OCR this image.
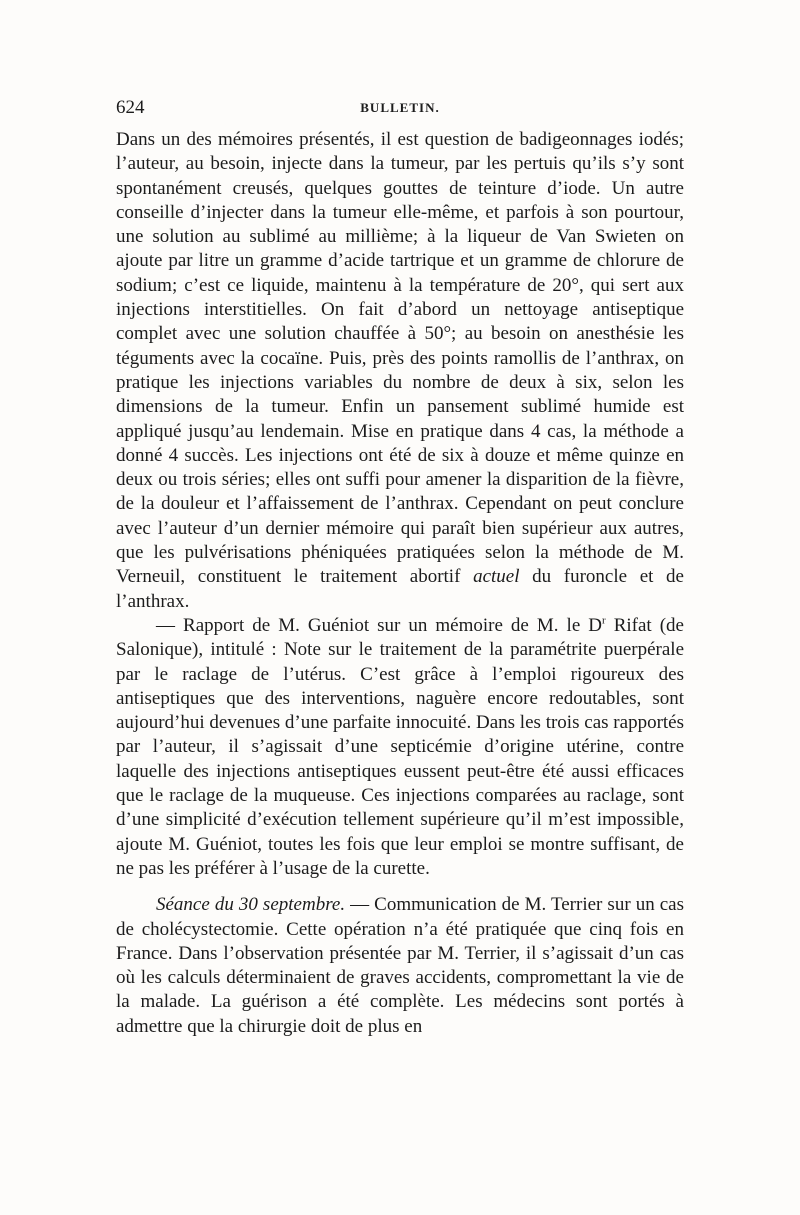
624	BULLETIN.

Dans un des mémoires présentés, il est question de badigeonnages iodés; l’auteur, au besoin, injecte dans la tumeur, par les pertuis qu’ils s’y sont spontanément creusés, quelques gouttes de teinture d’iode. Un autre conseille d’injecter dans la tumeur elle-même, et parfois à son pourtour, une solution au sublimé au millième; à la liqueur de Van Swieten on ajoute par litre un gramme d’acide tartrique et un gramme de chlorure de sodium; c’est ce liquide, maintenu à la température de 20°, qui sert aux injections interstitielles. On fait d’abord un nettoyage antiseptique complet avec une solution chauffée à 50°; au besoin on anesthésie les téguments avec la cocaïne. Puis, près des points ramollis de l’anthrax, on pratique les injections variables du nombre de deux à six, selon les dimensions de la tumeur. Enfin un pansement sublimé humide est appliqué jusqu’au lendemain. Mise en pratique dans 4 cas, la méthode a donné 4 succès. Les injections ont été de six à douze et même quinze en deux ou trois séries; elles ont suffi pour amener la disparition de la fièvre, de la douleur et l’affaissement de l’anthrax. Cependant on peut conclure avec l’auteur d’un dernier mémoire qui paraît bien supérieur aux autres, que les pulvérisations phéniquées pratiquées selon la méthode de M. Verneuil, constituent le traitement abortif actuel du furoncle et de l’anthrax.

— Rapport de M. Guéniot sur un mémoire de M. le $D^r$ Rifat (de Salonique), intitulé : Note sur le traitement de la paramétrite puerpérale par le raclage de l’utérus. C’est grâce à l’emploi rigoureux des antiseptiques que des interventions, naguère encore redoutables, sont aujourd’hui devenues d’une parfaite innocuité. Dans les trois cas rapportés par l’auteur, il s’agissait d’une septicémie d’origine utérine, contre laquelle des injections antiseptiques eussent peut-être été aussi efficaces que le raclage de la muqueuse. Ces injections comparées au raclage, sont d’une simplicité d’exécution tellement supérieure qu’il m’est impossible, ajoute M. Guéniot, toutes les fois que leur emploi se montre suffisant, de ne pas les préférer à l’usage de la curette.

Séance du 30 septembre. — Communication de M. Terrier sur un cas de cholécystectomie. Cette opération n’a été pratiquée que cinq fois en France. Dans l’observation présentée par M. Terrier, il s’agissait d’un cas où les calculs déterminaient de graves accidents, compromettant la vie de la malade. La guérison a été complète. Les médecins sont portés à admettre que la chirurgie doit de plus en
